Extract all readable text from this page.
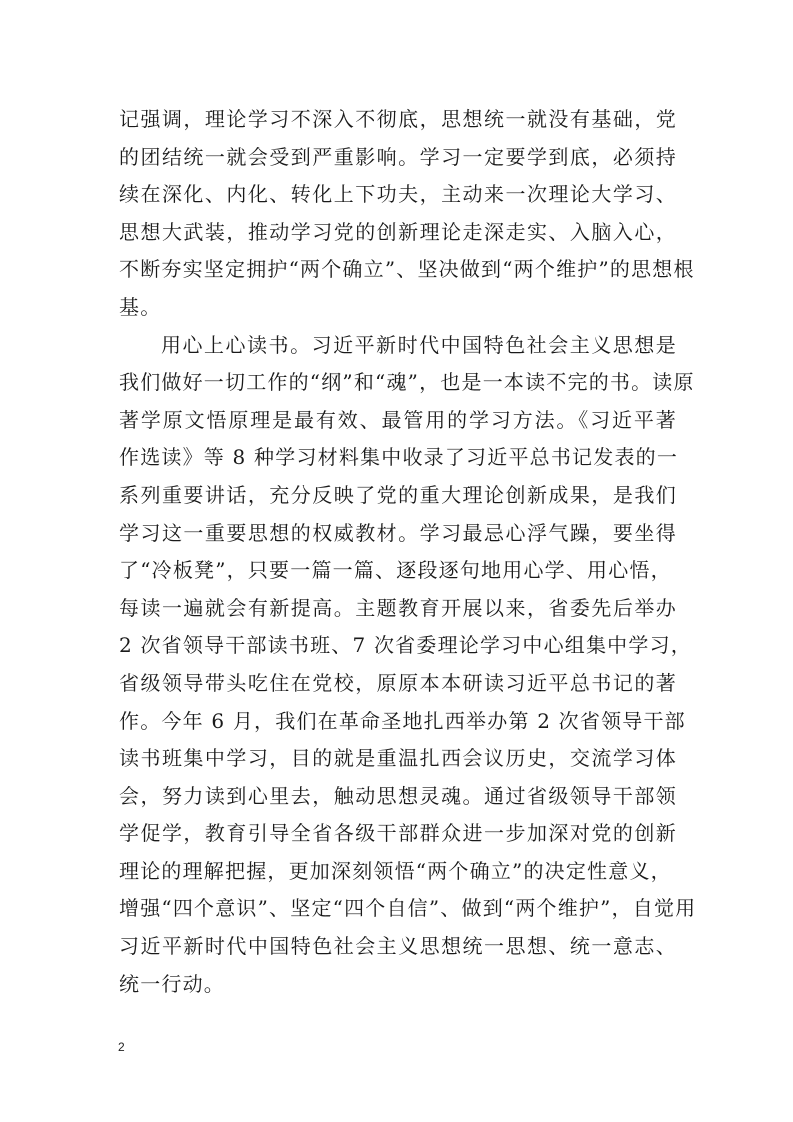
记强调，理论学习不深入不彻底，思想统一就没有基础，党
的团结统一就会受到严重影响。学习一定要学到底，必须持
续在深化、内化、转化上下功夫，主动来一次理论大学习、
思想大武装，推动学习党的创新理论走深走实、入脑入心，
不断夯实坚定拥护“两个确立”、坚决做到“两个维护”的思想根
基。
用心上心读书。习近平新时代中国特色社会主义思想是
我们做好一切工作的“纲”和“魂”，也是一本读不完的书。读原
著学原文悟原理是最有效、最管用的学习方法。《习近平著
作选读》等 8 种学习材料集中收录了习近平总书记发表的一
系列重要讲话，充分反映了党的重大理论创新成果，是我们
学习这一重要思想的权威教材。学习最忌心浮气躁，要坐得
了“冷板凳”，只要一篇一篇、逐段逐句地用心学、用心悟，
每读一遍就会有新提高。主题教育开展以来，省委先后举办
2 次省领导干部读书班、7 次省委理论学习中心组集中学习，
省级领导带头吃住在党校，原原本本研读习近平总书记的著
作。今年 6 月，我们在革命圣地扎西举办第 2 次省领导干部
读书班集中学习，目的就是重温扎西会议历史，交流学习体
会，努力读到心里去，触动思想灵魂。通过省级领导干部领
学促学，教育引导全省各级干部群众进一步加深对党的创新
理论的理解把握，更加深刻领悟“两个确立”的决定性意义，
增强“四个意识”、坚定“四个自信”、做到“两个维护”，自觉用
习近平新时代中国特色社会主义思想统一思想、统一意志、
统一行动。
2
